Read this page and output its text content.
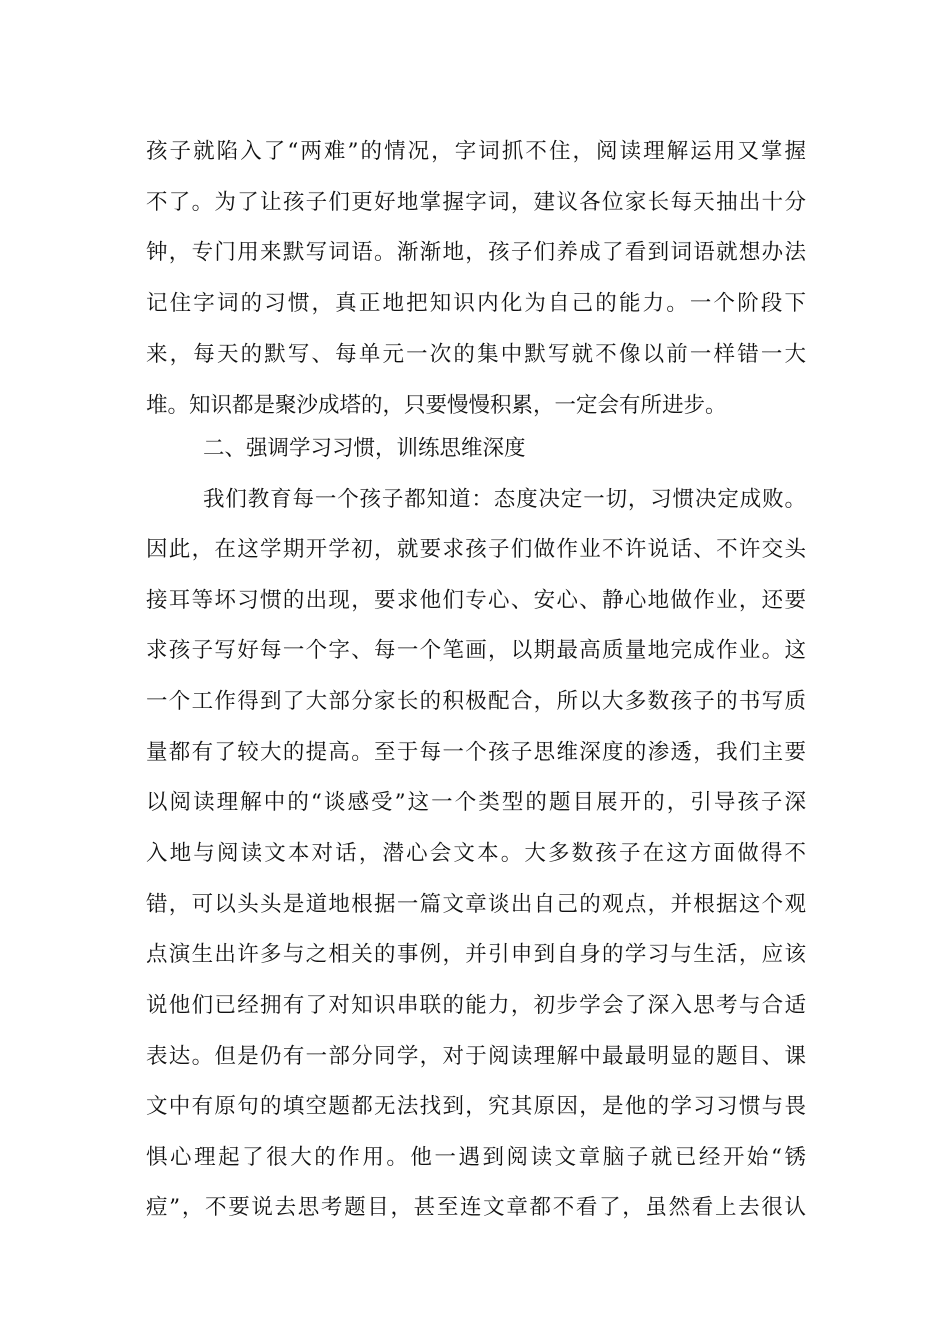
孩子就陷入了“两难”的情况，字词抓不住，阅读理解运用又掌握
不了。为了让孩子们更好地掌握字词，建议各位家长每天抽出十分
钟，专门用来默写词语。渐渐地，孩子们养成了看到词语就想办法
记住字词的习惯，真正地把知识内化为自己的能力。一个阶段下
来，每天的默写、每单元一次的集中默写就不像以前一样错一大
堆。知识都是聚沙成塔的，只要慢慢积累，一定会有所进步。
二、强调学习习惯，训练思维深度
我们教育每一个孩子都知道：态度决定一切，习惯决定成败。
因此，在这学期开学初，就要求孩子们做作业不许说话、不许交头
接耳等坏习惯的出现，要求他们专心、安心、静心地做作业，还要
求孩子写好每一个字、每一个笔画，以期最高质量地完成作业。这
一个工作得到了大部分家长的积极配合，所以大多数孩子的书写质
量都有了较大的提高。至于每一个孩子思维深度的渗透，我们主要
以阅读理解中的“谈感受”这一个类型的题目展开的，引导孩子深
入地与阅读文本对话，潜心会文本。大多数孩子在这方面做得不
错，可以头头是道地根据一篇文章谈出自己的观点，并根据这个观
点演生出许多与之相关的事例，并引申到自身的学习与生活，应该
说他们已经拥有了对知识串联的能力，初步学会了深入思考与合适
表达。但是仍有一部分同学，对于阅读理解中最最明显的题目、课
文中有原句的填空题都无法找到，究其原因，是他的学习习惯与畏
惧心理起了很大的作用。他一遇到阅读文章脑子就已经开始“锈
痘”，不要说去思考题目，甚至连文章都不看了，虽然看上去很认
